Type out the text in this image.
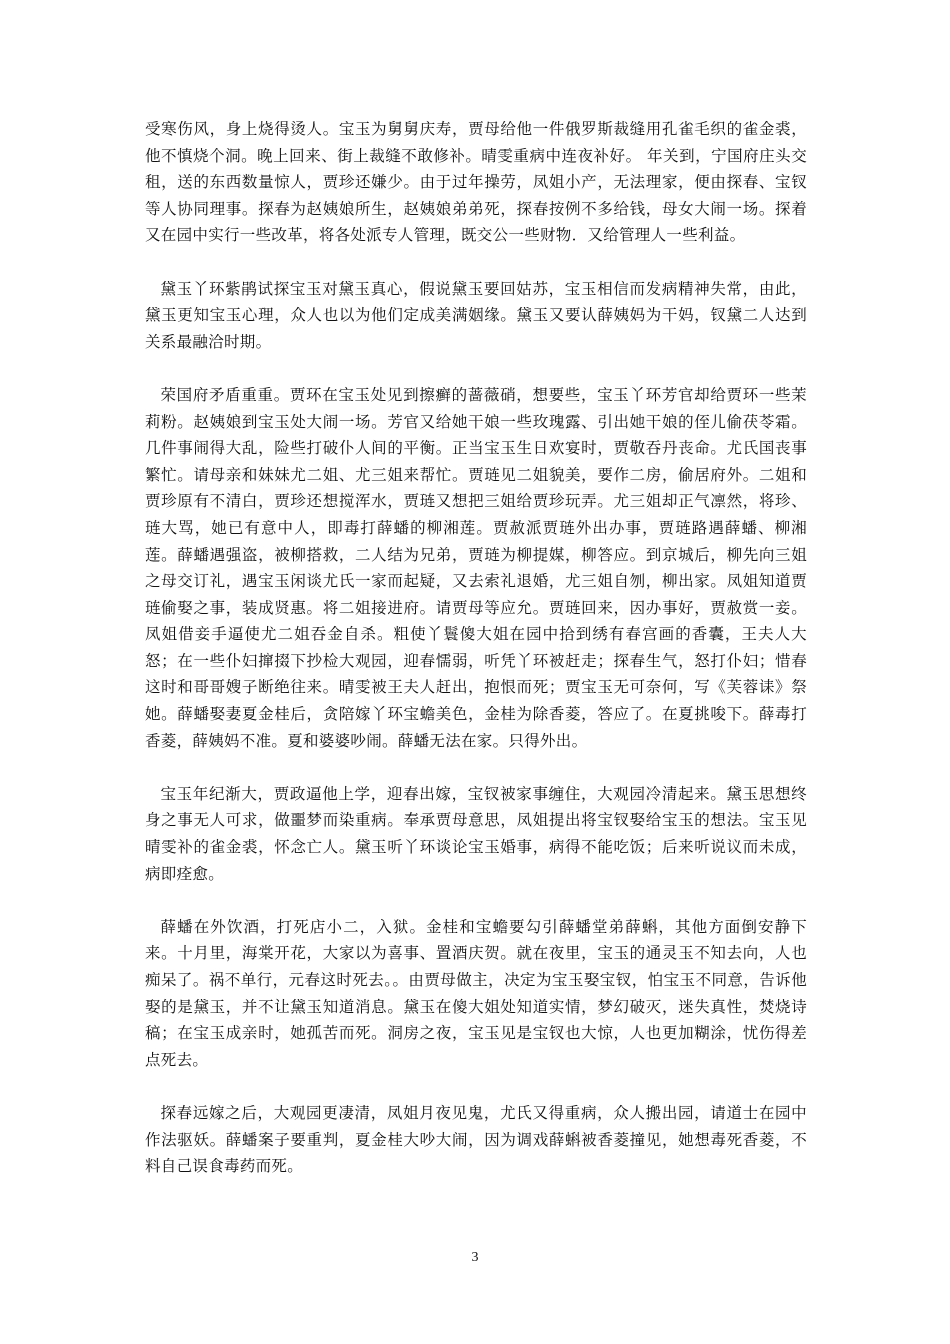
受寒伤风，身上烧得烫人。宝玉为舅舅庆寿，贾母给他一件俄罗斯裁缝用孔雀毛织的雀金裘，他不慎烧个洞。晚上回来、街上裁缝不敢修补。晴雯重病中连夜补好。 年关到，宁国府庄头交租，送的东西数量惊人，贾珍还嫌少。由于过年操劳，凤姐小产，无法理家，便由探春、宝钗等人协同理事。探春为赵姨娘所生，赵姨娘弟弟死，探春按例不多给钱，母女大闹一场。探着又在园中实行一些改革，将各处派专人管理，既交公一些财物．又给管理人一些利益。

黛玉丫环紫鹃试探宝玉对黛玉真心，假说黛玉要回姑苏，宝玉相信而发病精神失常，由此，黛玉更知宝玉心理，众人也以为他们定成美满姻缘。黛玉又要认薛姨妈为干妈，钗黛二人达到关系最融洽时期。

荣国府矛盾重重。贾环在宝玉处见到擦癣的蔷薇硝，想要些，宝玉丫环芳官却给贾环一些茉莉粉。赵姨娘到宝玉处大闹一场。芳官又给她干娘一些玫瑰露、引出她干娘的侄儿偷茯苓霜。几件事闹得大乱，险些打破仆人间的平衡。正当宝玉生日欢宴时，贾敬吞丹丧命。尤氏国丧事繁忙。请母亲和妹妹尤二姐、尤三姐来帮忙。贾琏见二姐貌美，要作二房，偷居府外。二姐和贾珍原有不清白，贾珍还想搅浑水，贾琏又想把三姐给贾珍玩弄。尤三姐却正气凛然，将珍、琏大骂，她已有意中人，即毒打薛蟠的柳湘莲。贾赦派贾琏外出办事，贾琏路遇薛蟠、柳湘莲。薛蟠遇强盗，被柳搭救，二人结为兄弟，贾琏为柳提媒，柳答应。到京城后，柳先向三姐之母交订礼，遇宝玉闲谈尤氏一家而起疑，又去索礼退婚，尤三姐自刎，柳出家。凤姐知道贾琏偷娶之事，装成贤惠。将二姐接进府。请贾母等应允。贾琏回来，因办事好，贾赦赏一妾。凤姐借妾手逼使尤二姐吞金自杀。粗使丫鬟傻大姐在园中拾到绣有春宫画的香囊，王夫人大怒；在一些仆妇撺掇下抄检大观园，迎春懦弱，听凭丫环被赶走；探春生气，怒打仆妇；惜春这时和哥哥嫂子断绝往来。晴雯被王夫人赶出，抱恨而死；贾宝玉无可奈何，写《芙蓉诔》祭她。薛蟠娶妻夏金桂后，贪陪嫁丫环宝蟾美色，金桂为除香菱，答应了。在夏挑唆下。薛毒打香菱，薛姨妈不准。夏和婆婆吵闹。薛蟠无法在家。只得外出。

宝玉年纪渐大，贾政逼他上学，迎春出嫁，宝钗被家事缠住，大观园冷清起来。黛玉思想终身之事无人可求，做噩梦而染重病。奉承贾母意思，凤姐提出将宝钗娶给宝玉的想法。宝玉见晴雯补的雀金裘，怀念亡人。黛玉听丫环谈论宝玉婚事，病得不能吃饭；后来听说议而未成，病即痊愈。

薛蟠在外饮酒，打死店小二，入狱。金桂和宝蟾要勾引薛蟠堂弟薛蝌，其他方面倒安静下来。十月里，海棠开花，大家以为喜事、置酒庆贺。就在夜里，宝玉的通灵玉不知去向，人也痴呆了。祸不单行，元春这时死去。。由贾母做主，决定为宝玉娶宝钗，怕宝玉不同意，告诉他娶的是黛玉，并不让黛玉知道消息。黛玉在傻大姐处知道实情，梦幻破灭，迷失真性，焚烧诗稿；在宝玉成亲时，她孤苦而死。洞房之夜，宝玉见是宝钗也大惊，人也更加糊涂，忧伤得差点死去。

探春远嫁之后，大观园更凄清，凤姐月夜见鬼，尤氏又得重病，众人搬出园，请道士在园中作法驱妖。薛蟠案子要重判，夏金桂大吵大闹，因为调戏薛蝌被香菱撞见，她想毒死香菱，不料自己误食毒药而死。

3
